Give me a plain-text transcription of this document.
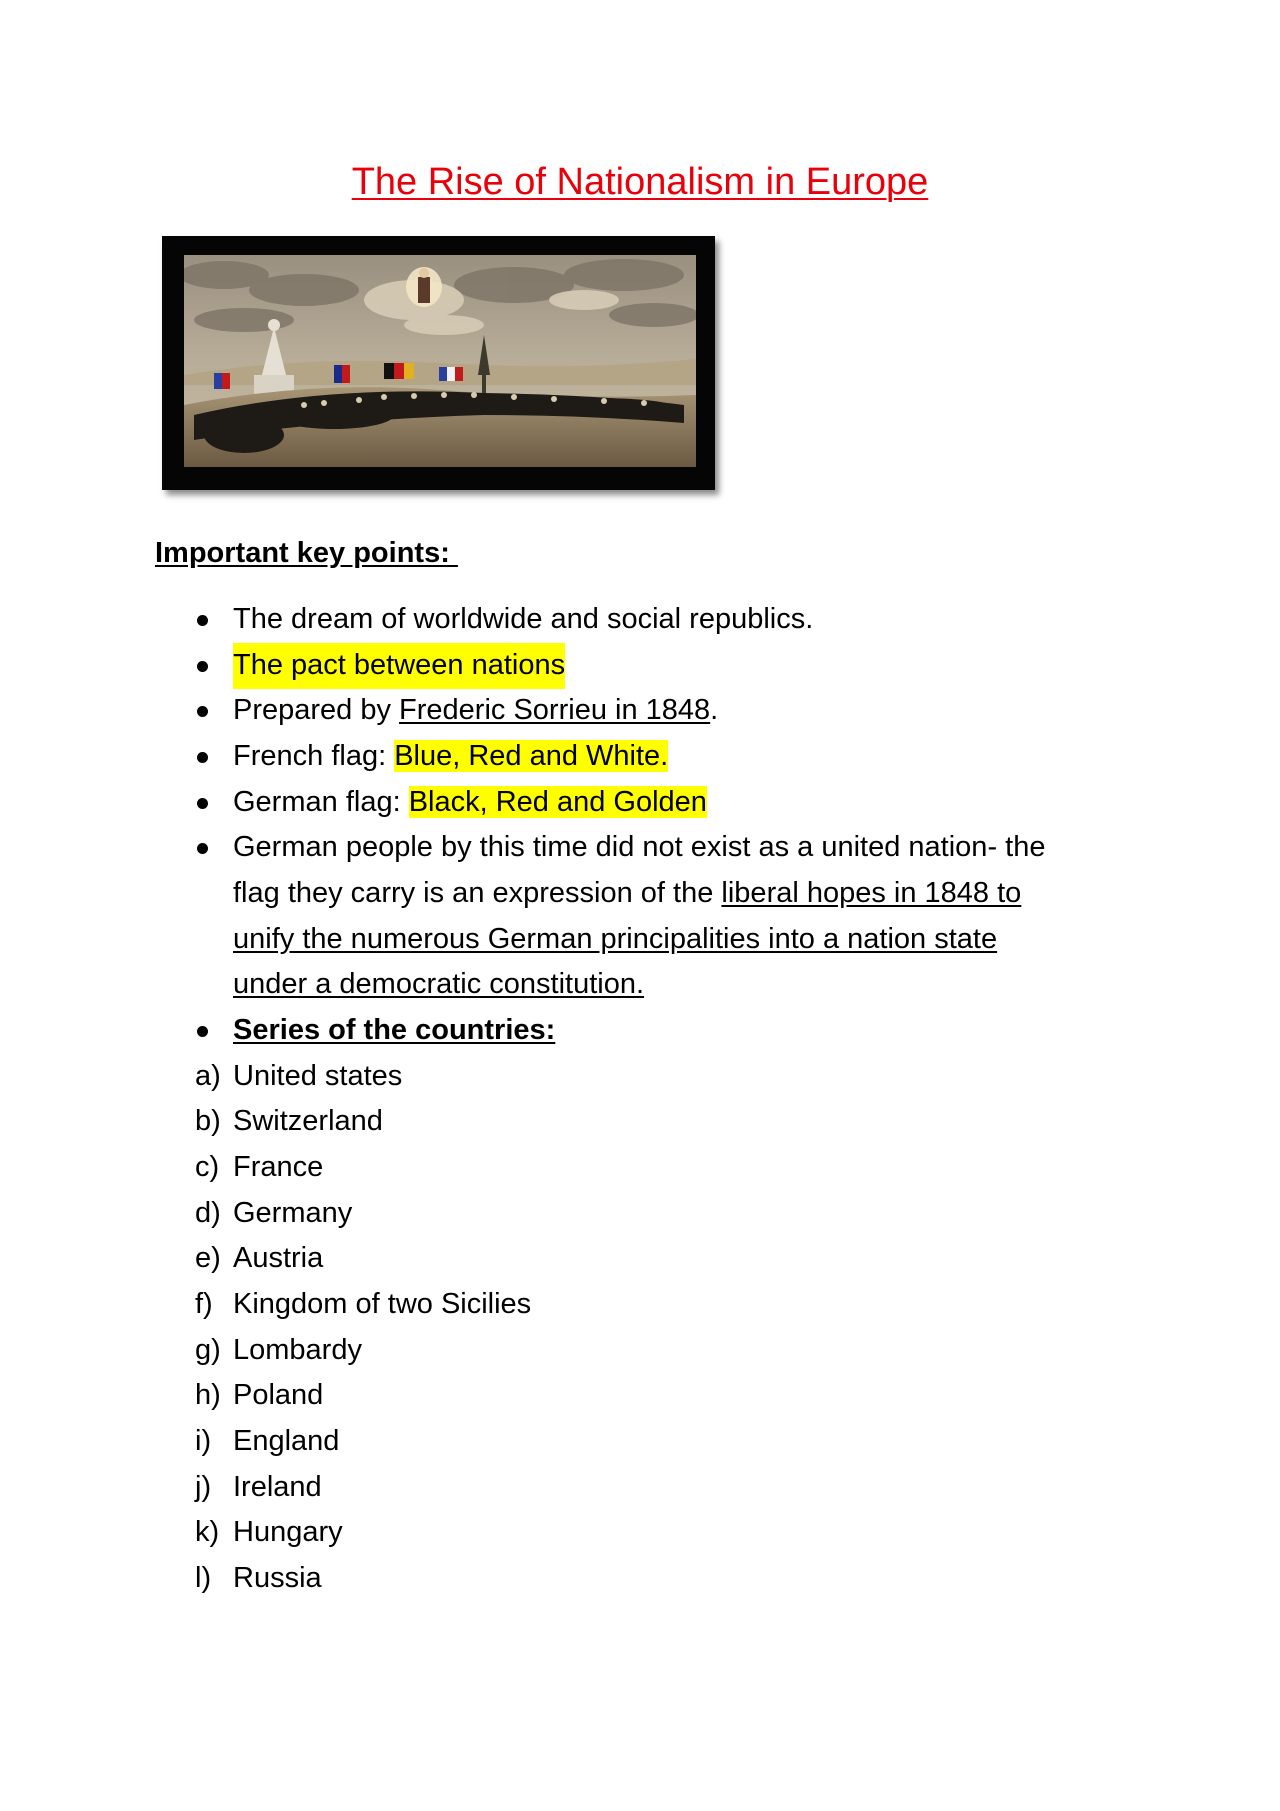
The Rise of Nationalism in Europe
Important key points:
The dream of worldwide and social republics.
The pact between nations
Prepared by Frederic Sorrieu in 1848.
French flag: Blue, Red and White.
German flag: Black, Red and Golden
German people by this time did not exist as a united nation- the
flag they carry is an expression of the liberal hopes in 1848 to
unify the numerous German principalities into a nation state
under a democratic constitution.
Series of the countries:
a) United states
b) Switzerland
c) France
d) Germany
e) Austria
f) Kingdom of two Sicilies
g) Lombardy
h) Poland
i) England
j) Ireland
k) Hungary
l) Russia
